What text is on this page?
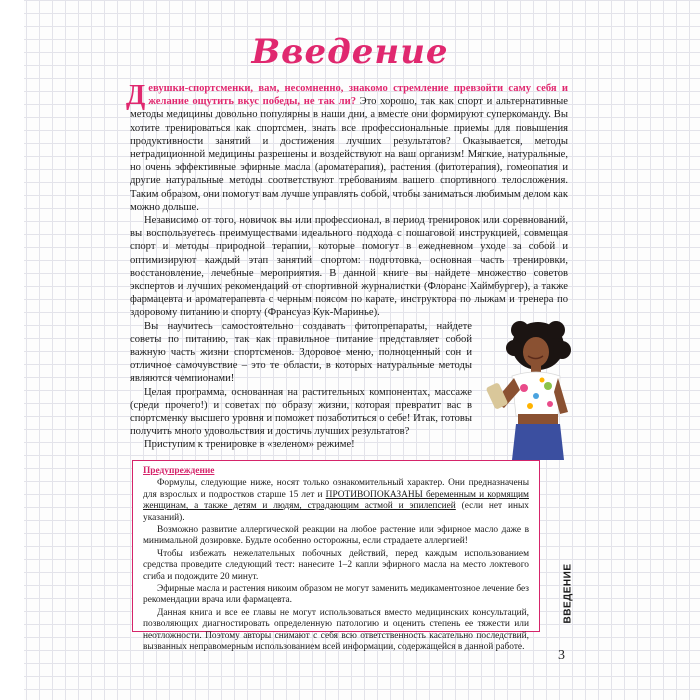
Введение

Девушки-спортсменки, вам, несомненно, знакомо стремление превзойти саму себя и желание ощутить вкус победы, не так ли? Это хорошо, так как спорт и альтернативные методы медицины довольно популярны в наши дни, а вместе они формируют суперкоманду. Вы хотите тренироваться как спортсмен, знать все профессиональные приемы для повышения продуктивности занятий и достижения лучших результатов? Оказывается, методы нетрадиционной медицины разрешены и воздействуют на ваш организм! Мягкие, натуральные, но очень эффективные эфирные масла (ароматерапия), растения (фитотерапия), гомеопатия и другие натуральные методы соответствуют требованиям вашего спортивного телосложения. Таким образом, они помогут вам лучше управлять собой, чтобы заниматься любимым делом как можно дольше.

Независимо от того, новичок вы или профессионал, в период тренировок или соревнований, вы воспользуетесь преимуществами идеального подхода с пошаговой инструкцией, совмещая спорт и методы природной терапии, которые помогут в ежедневном уходе за собой и оптимизируют каждый этап занятий спортом: подготовка, основная часть тренировки, восстановление, лечебные мероприятия. В данной книге вы найдете множество советов экспертов и лучших рекомендаций от спортивной журналистки (Флоранс Хаймбургер), а также фармацевта и ароматерапевта с черным поясом по карате, инструктора по лыжам и тренера по здоровому питанию и спорту (Франсуаз Кук-Маринье).

Вы научитесь самостоятельно создавать фитопрепараты, найдете советы по питанию, так как правильное питание представляет собой важную часть жизни спортсменов. Здоровое меню, полноценный сон и отличное самочувствие – это те области, в которых натуральные методы являются чемпионами!

Целая программа, основанная на растительных компонентах, массаже (среди прочего!) и советах по образу жизни, которая превратит вас в спортсменку высшего уровня и поможет позаботиться о себе! Итак, готовы получить много удовольствия и достичь лучших результатов?

Приступим к тренировке в «зеленом» режиме!

Предупреждение

Формулы, следующие ниже, носят только ознакомительный характер. Они предназначены для взрослых и подростков старше 15 лет и ПРОТИВОПОКАЗАНЫ беременным и кормящим женщинам, а также детям и людям, страдающим астмой и эпилепсией (если нет иных указаний).

Возможно развитие аллергической реакции на любое растение или эфирное масло даже в минимальной дозировке. Будьте особенно осторожны, если страдаете аллергией!

Чтобы избежать нежелательных побочных действий, перед каждым использованием средства проведите следующий тест: нанесите 1–2 капли эфирного масла на место локтевого сгиба и подождите 20 минут.

Эфирные масла и растения никоим образом не могут заменить медикаментозное лечение без рекомендации врача или фармацевта.

Данная книга и все ее главы не могут использоваться вместо медицинских консультаций, позволяющих диагностировать определенную патологию и оценить степень ее тяжести или неотложности. Поэтому авторы снимают с себя всю ответственность касательно последствий, вызванных неправомерным использованием всей информации, содержащейся в данной работе.

ВВЕДЕНИЕ
3
